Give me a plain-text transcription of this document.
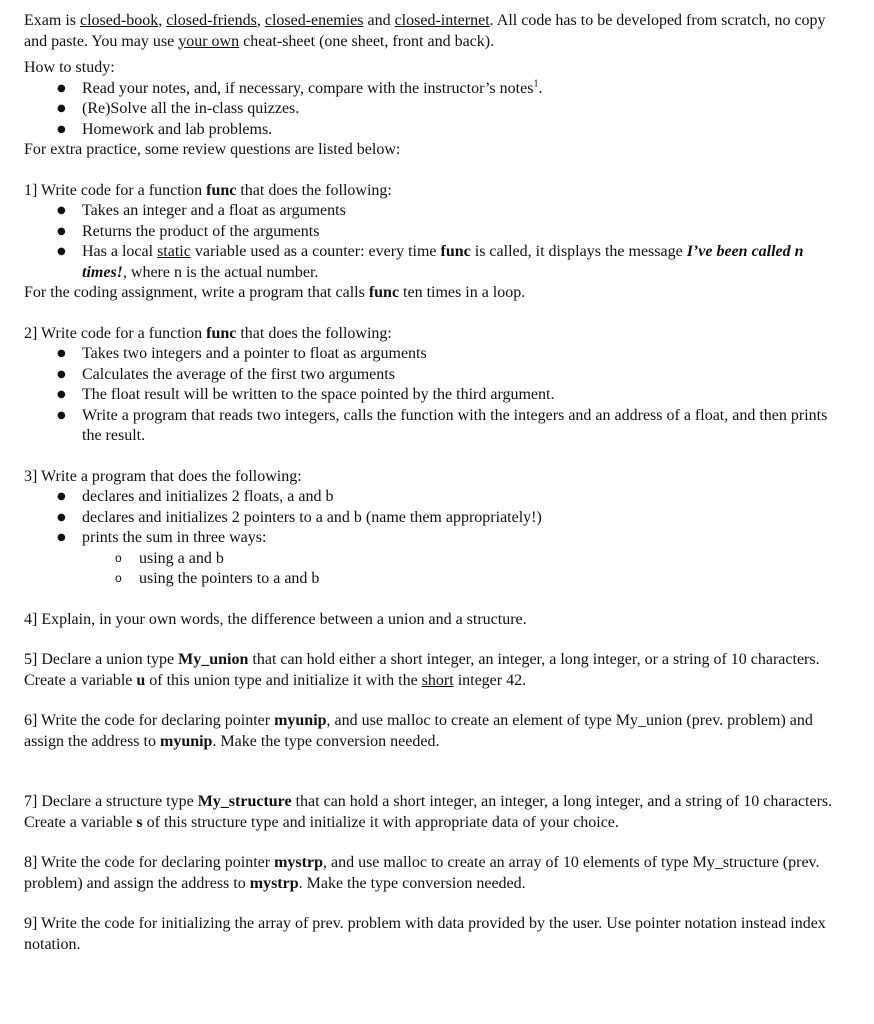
Exam is closed-book, closed-friends, closed-enemies and closed-internet. All code has to be developed from scratch, no copy and paste. You may use your own cheat-sheet (one sheet, front and back).

How to study:

● Read your notes, and, if necessary, compare with the instructor’s notes$^1$.
● (Re)Solve all the in-class quizzes.
● Homework and lab problems.

For extra practice, some review questions are listed below:

1] Write code for a function func that does the following:

● Takes an integer and a float as arguments
● Returns the product of the arguments
● Has a local static variable used as a counter: every time func is called, it displays the message I’ve been called n times!, where n is the actual number.

For the coding assignment, write a program that calls func ten times in a loop.

2] Write code for a function func that does the following:

● Takes two integers and a pointer to float as arguments
● Calculates the average of the first two arguments
● The float result will be written to the space pointed by the third argument.
● Write a program that reads two integers, calls the function with the integers and an address of a float, and then prints the result.

3] Write a program that does the following:

● declares and initializes 2 floats, a and b
● declares and initializes 2 pointers to a and b (name them appropriately!)
● prints the sum in three ways:
o using a and b
o using the pointers to a and b

4] Explain, in your own words, the difference between a union and a structure.

5] Declare a union type My_union that can hold either a short integer, an integer, a long integer, or a string of 10 characters. Create a variable u of this union type and initialize it with the short integer 42.

6] Write the code for declaring pointer myunip, and use malloc to create an element of type My_union (prev. problem) and assign the address to myunip. Make the type conversion needed.

7] Declare a structure type My_structure that can hold a short integer, an integer, a long integer, and a string of 10 characters. Create a variable s of this structure type and initialize it with appropriate data of your choice.

8] Write the code for declaring pointer mystrp, and use malloc to create an array of 10 elements of type My_structure (prev. problem) and assign the address to mystrp. Make the type conversion needed.

9] Write the code for initializing the array of prev. problem with data provided by the user. Use pointer notation instead index notation.
